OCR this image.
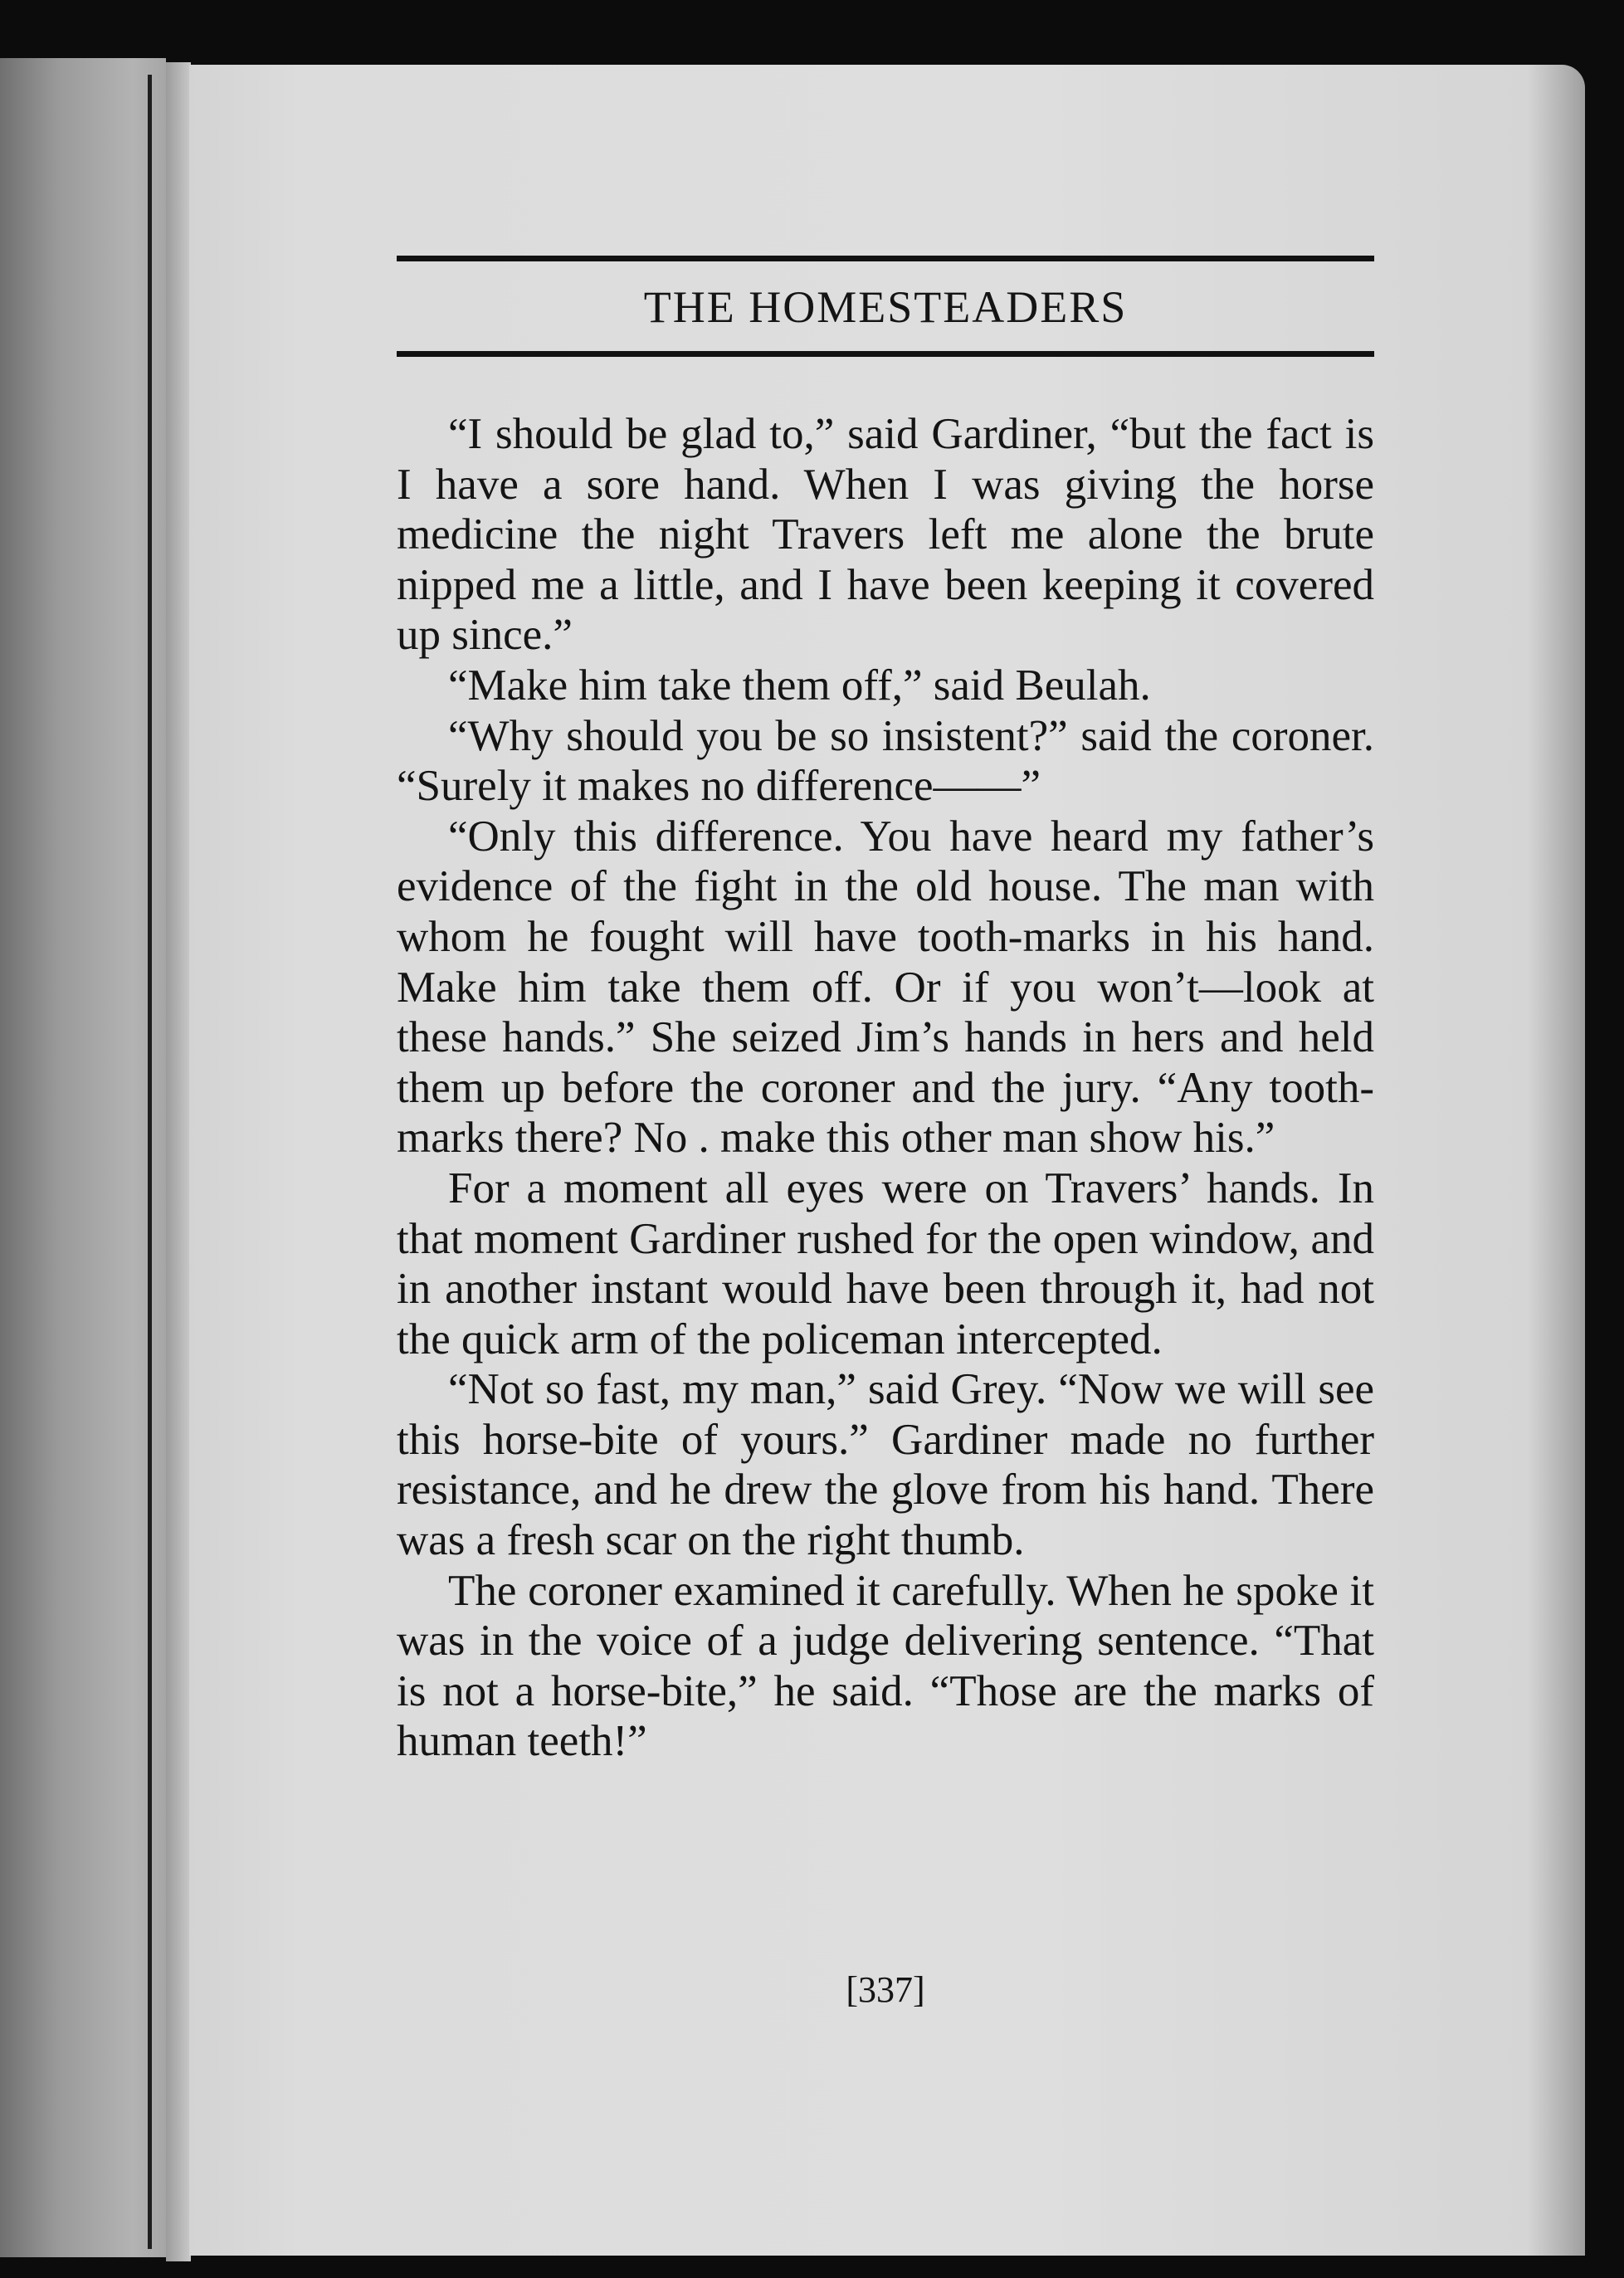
THE HOMESTEADERS

“I should be glad to,” said Gardiner, “but the fact is I have a sore hand. When I was giving the horse medicine the night Travers left me alone the brute nipped me a little, and I have been keeping it covered up since.”

“Make him take them off,” said Beulah.

“Why should you be so insistent?” said the coroner. “Surely it makes no difference——”

“Only this difference. You have heard my father’s evidence of the fight in the old house. The man with whom he fought will have tooth-marks in his hand. Make him take them off. Or if you won’t—look at these hands.” She seized Jim’s hands in hers and held them up before the coroner and the jury. “Any tooth-marks there? No . make this other man show his.”

For a moment all eyes were on Travers’ hands. In that moment Gardiner rushed for the open window, and in another instant would have been through it, had not the quick arm of the policeman intercepted.

“Not so fast, my man,” said Grey. “Now we will see this horse-bite of yours.” Gardiner made no further resistance, and he drew the glove from his hand. There was a fresh scar on the right thumb.

The coroner examined it carefully. When he spoke it was in the voice of a judge delivering sentence. “That is not a horse-bite,” he said. “Those are the marks of human teeth!”

[337]
